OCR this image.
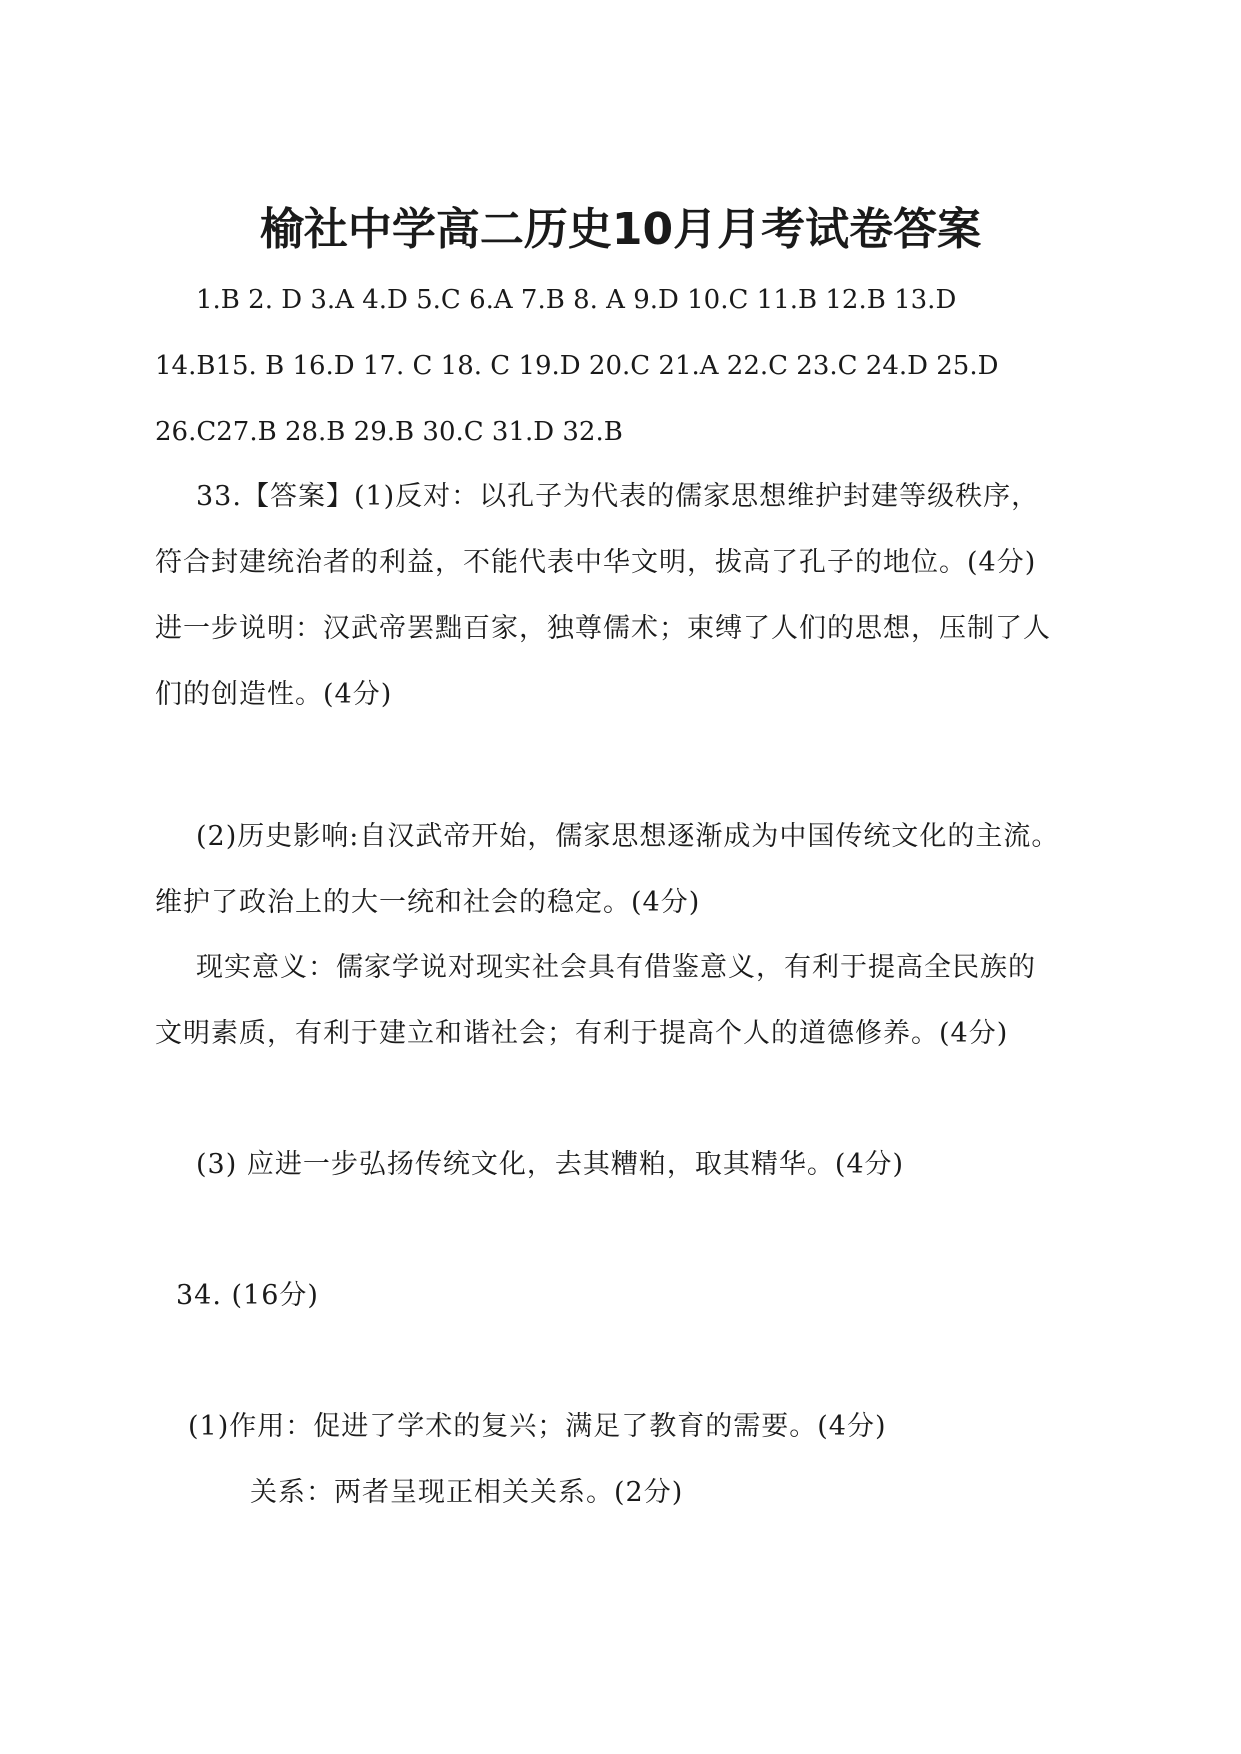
榆社中学高二历史10月月考试卷答案
1.B 2. D 3.A 4.D 5.C 6.A 7.B 8. A 9.D 10.C 11.B 12.B 13.D
14.B15. B 16.D 17. C 18. C 19.D 20.C 21.A 22.C 23.C 24.D 25.D
26.C27.B 28.B 29.B 30.C 31.D 32.B
33.【答案】(1)反对：以孔子为代表的儒家思想维护封建等级秩序，
符合封建统治者的利益，不能代表中华文明，拔高了孔子的地位。(4分)
进一步说明：汉武帝罢黜百家，独尊儒术；束缚了人们的思想，压制了人
们的创造性。(4分)
(2)历史影响:自汉武帝开始，儒家思想逐渐成为中国传统文化的主流。
维护了政治上的大一统和社会的稳定。(4分)
现实意义：儒家学说对现实社会具有借鉴意义，有利于提高全民族的
文明素质，有利于建立和谐社会；有利于提高个人的道德修养。(4分)
(3) 应进一步弘扬传统文化，去其糟粕，取其精华。(4分)
34. (16分)
(1)作用：促进了学术的复兴；满足了教育的需要。(4分)
关系：两者呈现正相关关系。(2分)
